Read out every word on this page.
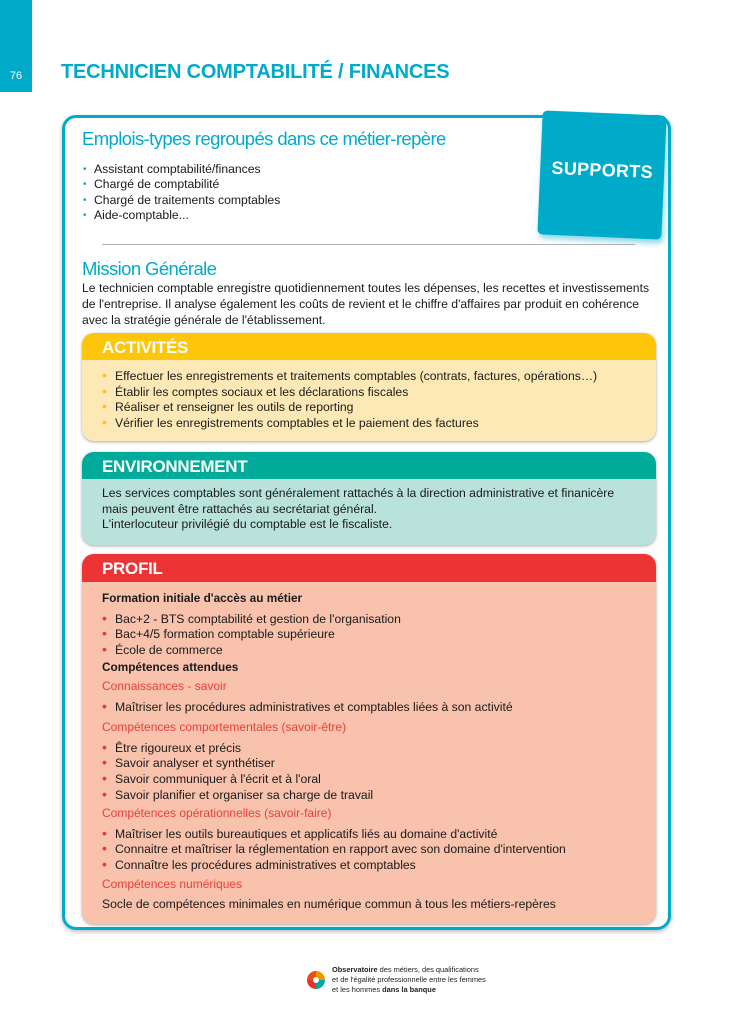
76	TECHNICIEN COMPTABILITÉ / FINANCES
SUPPORTS
Emplois-types regroupés dans ce métier-repère
• Assistant comptabilité/finances
• Chargé de comptabilité
• Chargé de traitements comptables
• Aide-comptable...
Mission Générale
Le technicien comptable enregistre quotidiennement toutes les dépenses, les recettes et investissements de l'entreprise. Il analyse également les coûts de revient et le chiffre d'affaires par produit en cohérence avec la stratégie générale de l'établissement.
ACTIVITÉS
• Effectuer les enregistrements et traitements comptables (contrats, factures, opérations…)
• Établir les comptes sociaux et les déclarations fiscales
• Réaliser et renseigner les outils de reporting
• Vérifier les enregistrements comptables et le paiement des factures
ENVIRONNEMENT
Les services comptables sont généralement rattachés à la direction administrative et finanicère
mais peuvent être rattachés au secrétariat général.
L'interlocuteur privilégié du comptable est le fiscaliste.
PROFIL
Formation initiale d'accès au métier
• Bac+2 - BTS comptabilité et gestion de l'organisation
• Bac+4/5 formation comptable supérieure
• École de commerce
Compétences attendues
Connaissances - savoir
• Maîtriser les procédures administratives et comptables liées à son activité
Compétences comportementales (savoir-être)
• Être rigoureux et précis
• Savoir analyser et synthétiser
• Savoir communiquer à l'écrit et à l'oral
• Savoir planifier et organiser sa charge de travail
Compétences opérationnelles (savoir-faire)
• Maîtriser les outils bureautiques et applicatifs liés au domaine d'activité
• Connaitre et maîtriser la réglementation en rapport avec son domaine d'intervention
• Connaître les procédures administratives et comptables
Compétences numériques
Socle de compétences minimales en numérique commun à tous les métiers-repères
Observatoire des métiers, des qualifications
et de l'égalité professionnelle entre les femmes
et les hommes dans la banque
